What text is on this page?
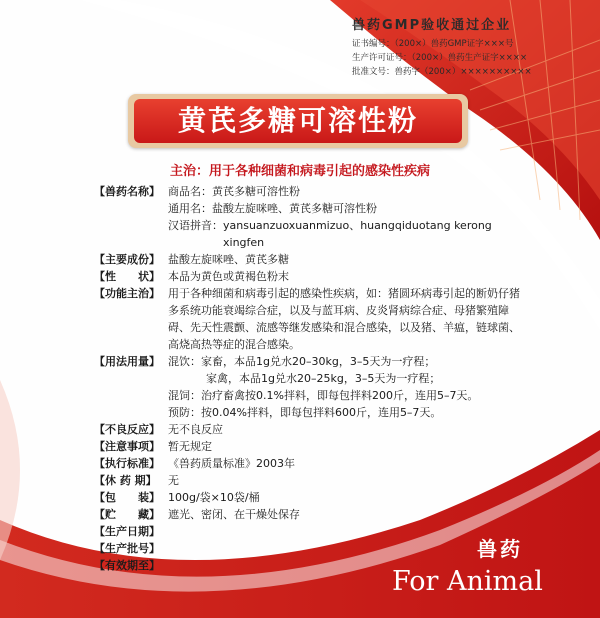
兽药GMP验收通过企业
证书编号：（200×）兽药GMP证字×××号
生产许可证号：（200×）兽药生产证字××××
批准文号：兽药字（200×）××××××××××
黄芪多糖可溶性粉
主治：用于各种细菌和病毒引起的感染性疾病
【兽药名称】 商品名： 黄芪多糖可溶性粉
通用名： 盐酸左旋咪唑、黄芪多糖可溶性粉
汉语拼音： yansuanzuoxuanmizuo、huangqiduotang kerong xingfen
【主要成份】 盐酸左旋咪唑、黄芪多糖
【性　　状】 本品为黄色或黄褐色粉末
【功能主治】 用于各种细菌和病毒引起的感染性疾病，如：猪圆环病毒引起的断奶仔猪多系统功能衰竭综合症，以及与蓝耳病、皮炎肾病综合症、母猪繁殖障碍、先天性震颤、流感等继发感染和混合感染，以及猪、羊瘟，链球菌、高烧高热等症的混合感染。
【用法用量】 混饮： 家畜，本品1g兑水20–30kg，3–5天为一疗程；
家禽，本品1g兑水20–25kg，3–5天为一疗程；
混饲： 治疗畜禽按0.1%拌料，即每包拌料200斤，连用5–7天。
预防： 按0.04%拌料，即每包拌料600斤，连用5–7天。
【不良反应】 无不良反应
【注意事项】 暂无规定
【执行标准】 《兽药质量标准》2003年
【休 药 期】	无
【包　　装】 100g/袋×10袋/桶
【贮　　藏】 遮光、密闭、在干燥处保存
【生产日期】
【生产批号】
【有效期至】
兽药
For Animal
